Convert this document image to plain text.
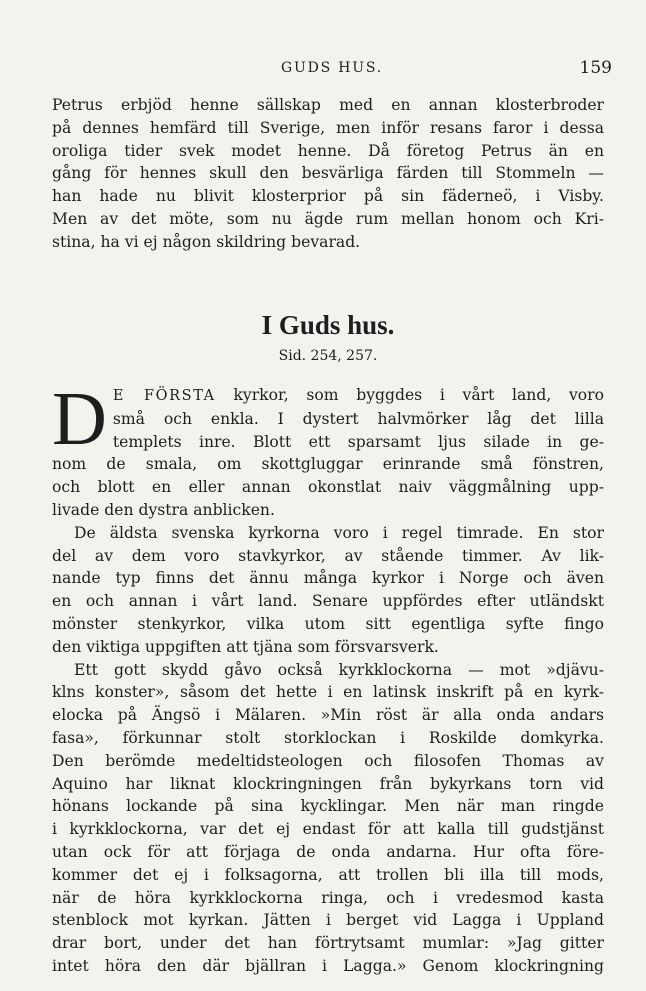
GUDS HUS.	159
Petrus erbjöd henne sällskap med en annan klosterbroder
på dennes hemfärd till Sverige, men inför resans faror i dessa
oroliga tider svek modet henne. Då företog Petrus än en
gång för hennes skull den besvärliga färden till Stommeln —
han hade nu blivit klosterprior på sin fäderneö, i Visby.
Men av det möte, som nu ägde rum mellan honom och Kri-
stina, ha vi ej någon skildring bevarad.
I Guds hus.
Sid. 254, 257.
D E FÖRSTA kyrkor, som byggdes i vårt land, voro
små och enkla. I dystert halvmörker låg det lilla
templets inre. Blott ett sparsamt ljus silade in ge-
nom de smala, om skottgluggar erinrande små fönstren,
och blott en eller annan okonstlat naiv väggmålning upp-
livade den dystra anblicken.
De äldsta svenska kyrkorna voro i regel timrade. En stor
del av dem voro stavkyrkor, av stående timmer. Av lik-
nande typ finns det ännu många kyrkor i Norge och även
en och annan i vårt land. Senare uppfördes efter utländskt
mönster stenkyrkor, vilka utom sitt egentliga syfte fingo
den viktiga uppgiften att tjäna som försvarsverk.
Ett gott skydd gåvo också kyrkklockorna — mot »djävu-
klns konster», såsom det hette i en latinsk inskrift på en kyrk-
elocka på Ängsö i Mälaren. »Min röst är alla onda andars
fasa», förkunnar stolt storklockan i Roskilde domkyrka.
Den berömde medeltidsteologen och filosofen Thomas av
Aquino har liknat klockringningen från bykyrkans torn vid
hönans lockande på sina kycklingar. Men när man ringde
i kyrkklockorna, var det ej endast för att kalla till gudstjänst
utan ock för att förjaga de onda andarna. Hur ofta före-
kommer det ej i folksagorna, att trollen bli illa till mods,
när de höra kyrkklockorna ringa, och i vredesmod kasta
stenblock mot kyrkan. Jätten i berget vid Lagga i Uppland
drar bort, under det han förtrytsamt mumlar: »Jag gitter
intet höra den där bjällran i Lagga.» Genom klockringning
